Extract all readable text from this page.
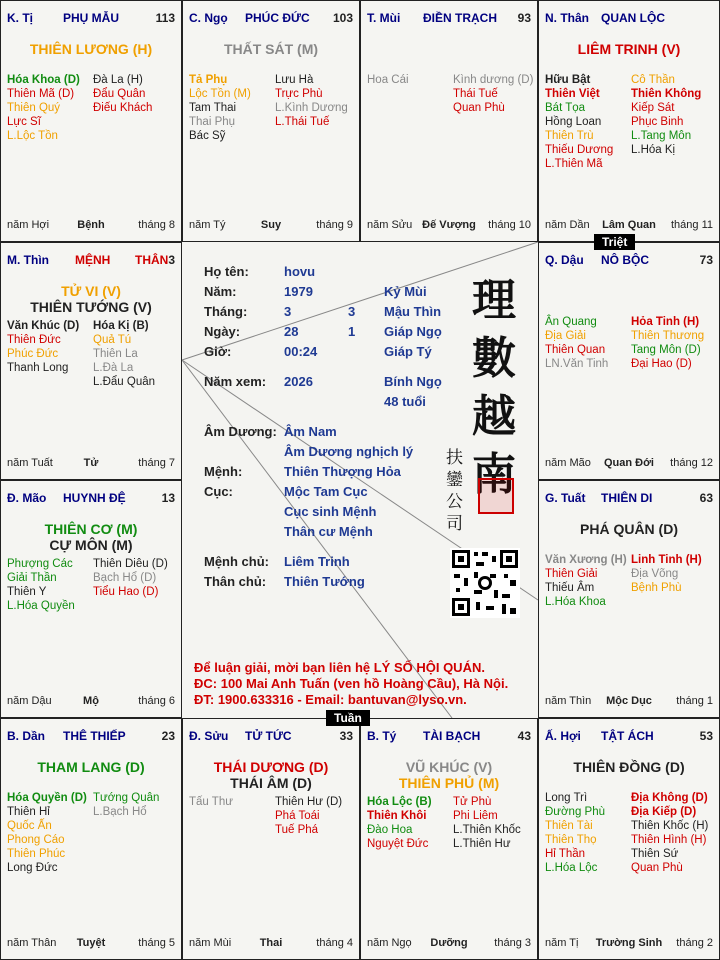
K. Tị	PHỤ MẪU	113
THIÊN LƯƠNG (H)
Hóa Khoa (D)
Thiên Mã (D)
Thiên Quý
Lực Sĩ
L.Lộc Tồn
Đà La (H)
Đẩu Quân
Điếu Khách
năm Hợi	Bệnh	tháng 8
C. Ngọ PHÚC ĐỨC 103
THẤT SÁT (M)
Tả Phụ
Lộc Tồn (M)
Tam Thai
Thai Phụ
Bác Sỹ
Lưu Hà
Trực Phù
L.Kình Dương
L.Thái Tuế
năm Tý	Suy	tháng 9
T. Mùi ĐIỀN TRẠCH 93
Hoa Cái	Kình dương (D)
Thái Tuế
Quan Phù
năm Sửu Đế Vượng	tháng 10
N. Thân QUAN LỘC
LIÊM TRINH (V)
Hữu Bật
Thiên Việt
Bát Tọa
Hồng Loan
Thiên Trù
Thiếu Dương
L.Thiên Mã
Cô Thần
Thiên Không
Kiếp Sát
Phục Binh
L.Tang Môn
L.Hóa Kị
năm Dần	Lâm Quan	tháng 11
M. Thìn MỆNH THÂN 3
TỬ VI (V)
THIÊN TƯỚNG (V)
Văn Khúc (D)
Thiên Đức
Phúc Đức
Thanh Long
Hóa Kị (B)
Quả Tú
Thiên La
L.Đà La
L.Đẩu Quân
năm Tuất	Tử	tháng 7
Q. Dậu NÔ BỘC	73
Ân Quang
Địa Giải
Thiên Quan
LN.Văn Tinh
Hỏa Tinh (H)
Thiên Thương
Tang Môn (D)
Đại Hao (D)
năm Mão	Quan Đới	tháng 12
Đ. Mão HUYNH ĐỆ	13
THIÊN CƠ (M)
CỰ MÔN (M)
Phượng Các
Giải Thần
Thiên Y
L.Hóa Quyền
Thiên Diêu (D)
Bạch Hổ (D)
Tiểu Hao (D)
năm Dậu	Mộ	tháng 6
G. Tuất THIÊN DI	63
PHÁ QUÂN (D)
Văn Xương (H)
Thiên Giải
Thiếu Âm
L.Hóa Khoa
Linh Tinh (H)
Địa Võng
Bệnh Phù
năm Thìn	Mộc Dục	tháng 1
B. Dần THÊ THIẾP	23
THAM LANG (D)
Hóa Quyền (D)
Thiên Hỉ
Quốc Ấn
Phong Cáo
Thiên Phúc
Long Đức
Tướng Quân
L.Bạch Hổ
năm Thân	Tuyệt	tháng 5
Đ. Sửu TỬ TỨC	33
THÁI DƯƠNG (D)
THÁI ÂM (D)
Tấu Thư	Thiên Hư (D)
Phá Toái
Tuế Phá
năm Mùi	Thai	tháng 4
B. Tý TÀI BẠCH	43
VŨ KHÚC (V)
THIÊN PHỦ (M)
Hóa Lộc (B)
Thiên Khôi
Đào Hoa
Nguyệt Đức
Tử Phù
Phi Liêm
L.Thiên Khốc
L.Thiên Hư
năm Ngọ	Dưỡng	tháng 3
Ấ. Hợi TẬT ÁCH	53
THIÊN ĐỒNG (D)
Long Trì
Đường Phù
Thiên Tài
Thiên Thọ
Hỉ Thần
L.Hóa Lộc
Địa Không (D)
Địa Kiếp (D)
Thiên Khốc (H)
Thiên Hình (H)
Thiên Sứ
Quan Phù
năm Tị	Trường Sinh	tháng 2
Triệt
Tuần
Họ tên:	hovu
Năm:	1979	Kỷ Mùi
Tháng:	3	3 Mậu Thìn
Ngày:	28	1 Giáp Ngọ
Giờ:	00:24	Giáp Tý
Năm xem: 2026	Bính Ngọ
48 tuổi
Âm Dương: Âm Nam
Âm Dương nghịch lý
Mệnh:	Thiên Thượng Hỏa
Cục:	Mộc Tam Cục
Cục sinh Mệnh
Thân cư Mệnh
Mệnh chủ: Liêm Trinh
Thân chủ: Thiên Tướng
理數越南
扶鑾公司
Để luận giải, mời bạn liên hệ LÝ SỐ HỘI QUÁN.
ĐC: 100 Mai Anh Tuấn (ven hồ Hoàng Cầu), Hà Nội.
ĐT: 1900.633316 - Email: bantuvan@lyso.vn.
